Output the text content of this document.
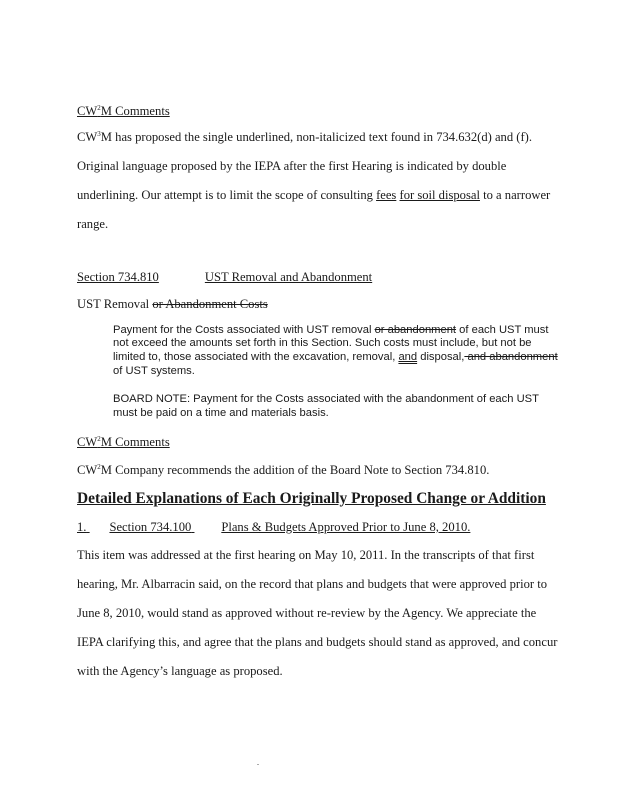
$CW^2M$ Comments
$CW^3M$ has proposed the single underlined, non-italicized text found in 734.632(d) and (f).
Original language proposed by the IEPA after the first Hearing is indicated by double
underlining. Our attempt is to limit the scope of consulting fees for soil disposal to a narrower
range.
Section 734.810	UST Removal and Abandonment
UST Removal or Abandonment Costs
Payment for the Costs associated with UST removal or abandonment of each UST must
not exceed the amounts set forth in this Section. Such costs must include, but not be
limited to, those associated with the excavation, removal, and disposal, and abandonment
of UST systems.
BOARD NOTE: Payment for the Costs associated with the abandonment of each UST
must be paid on a time and materials basis.
$CW^2M$ Comments
$CW^2M$ Company recommends the addition of the Board Note to Section 734.810.
Detailed Explanations of Each Originally Proposed Change or Addition
1. Section 734.100 Plans & Budgets Approved Prior to June 8, 2010.
This item was addressed at the first hearing on May 10, 2011. In the transcripts of that first
hearing, Mr. Albarracin said, on the record that plans and budgets that were approved prior to
June 8, 2010, would stand as approved without re-review by the Agency. We appreciate the
IEPA clarifying this, and agree that the plans and budgets should stand as approved, and concur
with the Agency’s language as proposed.
.
